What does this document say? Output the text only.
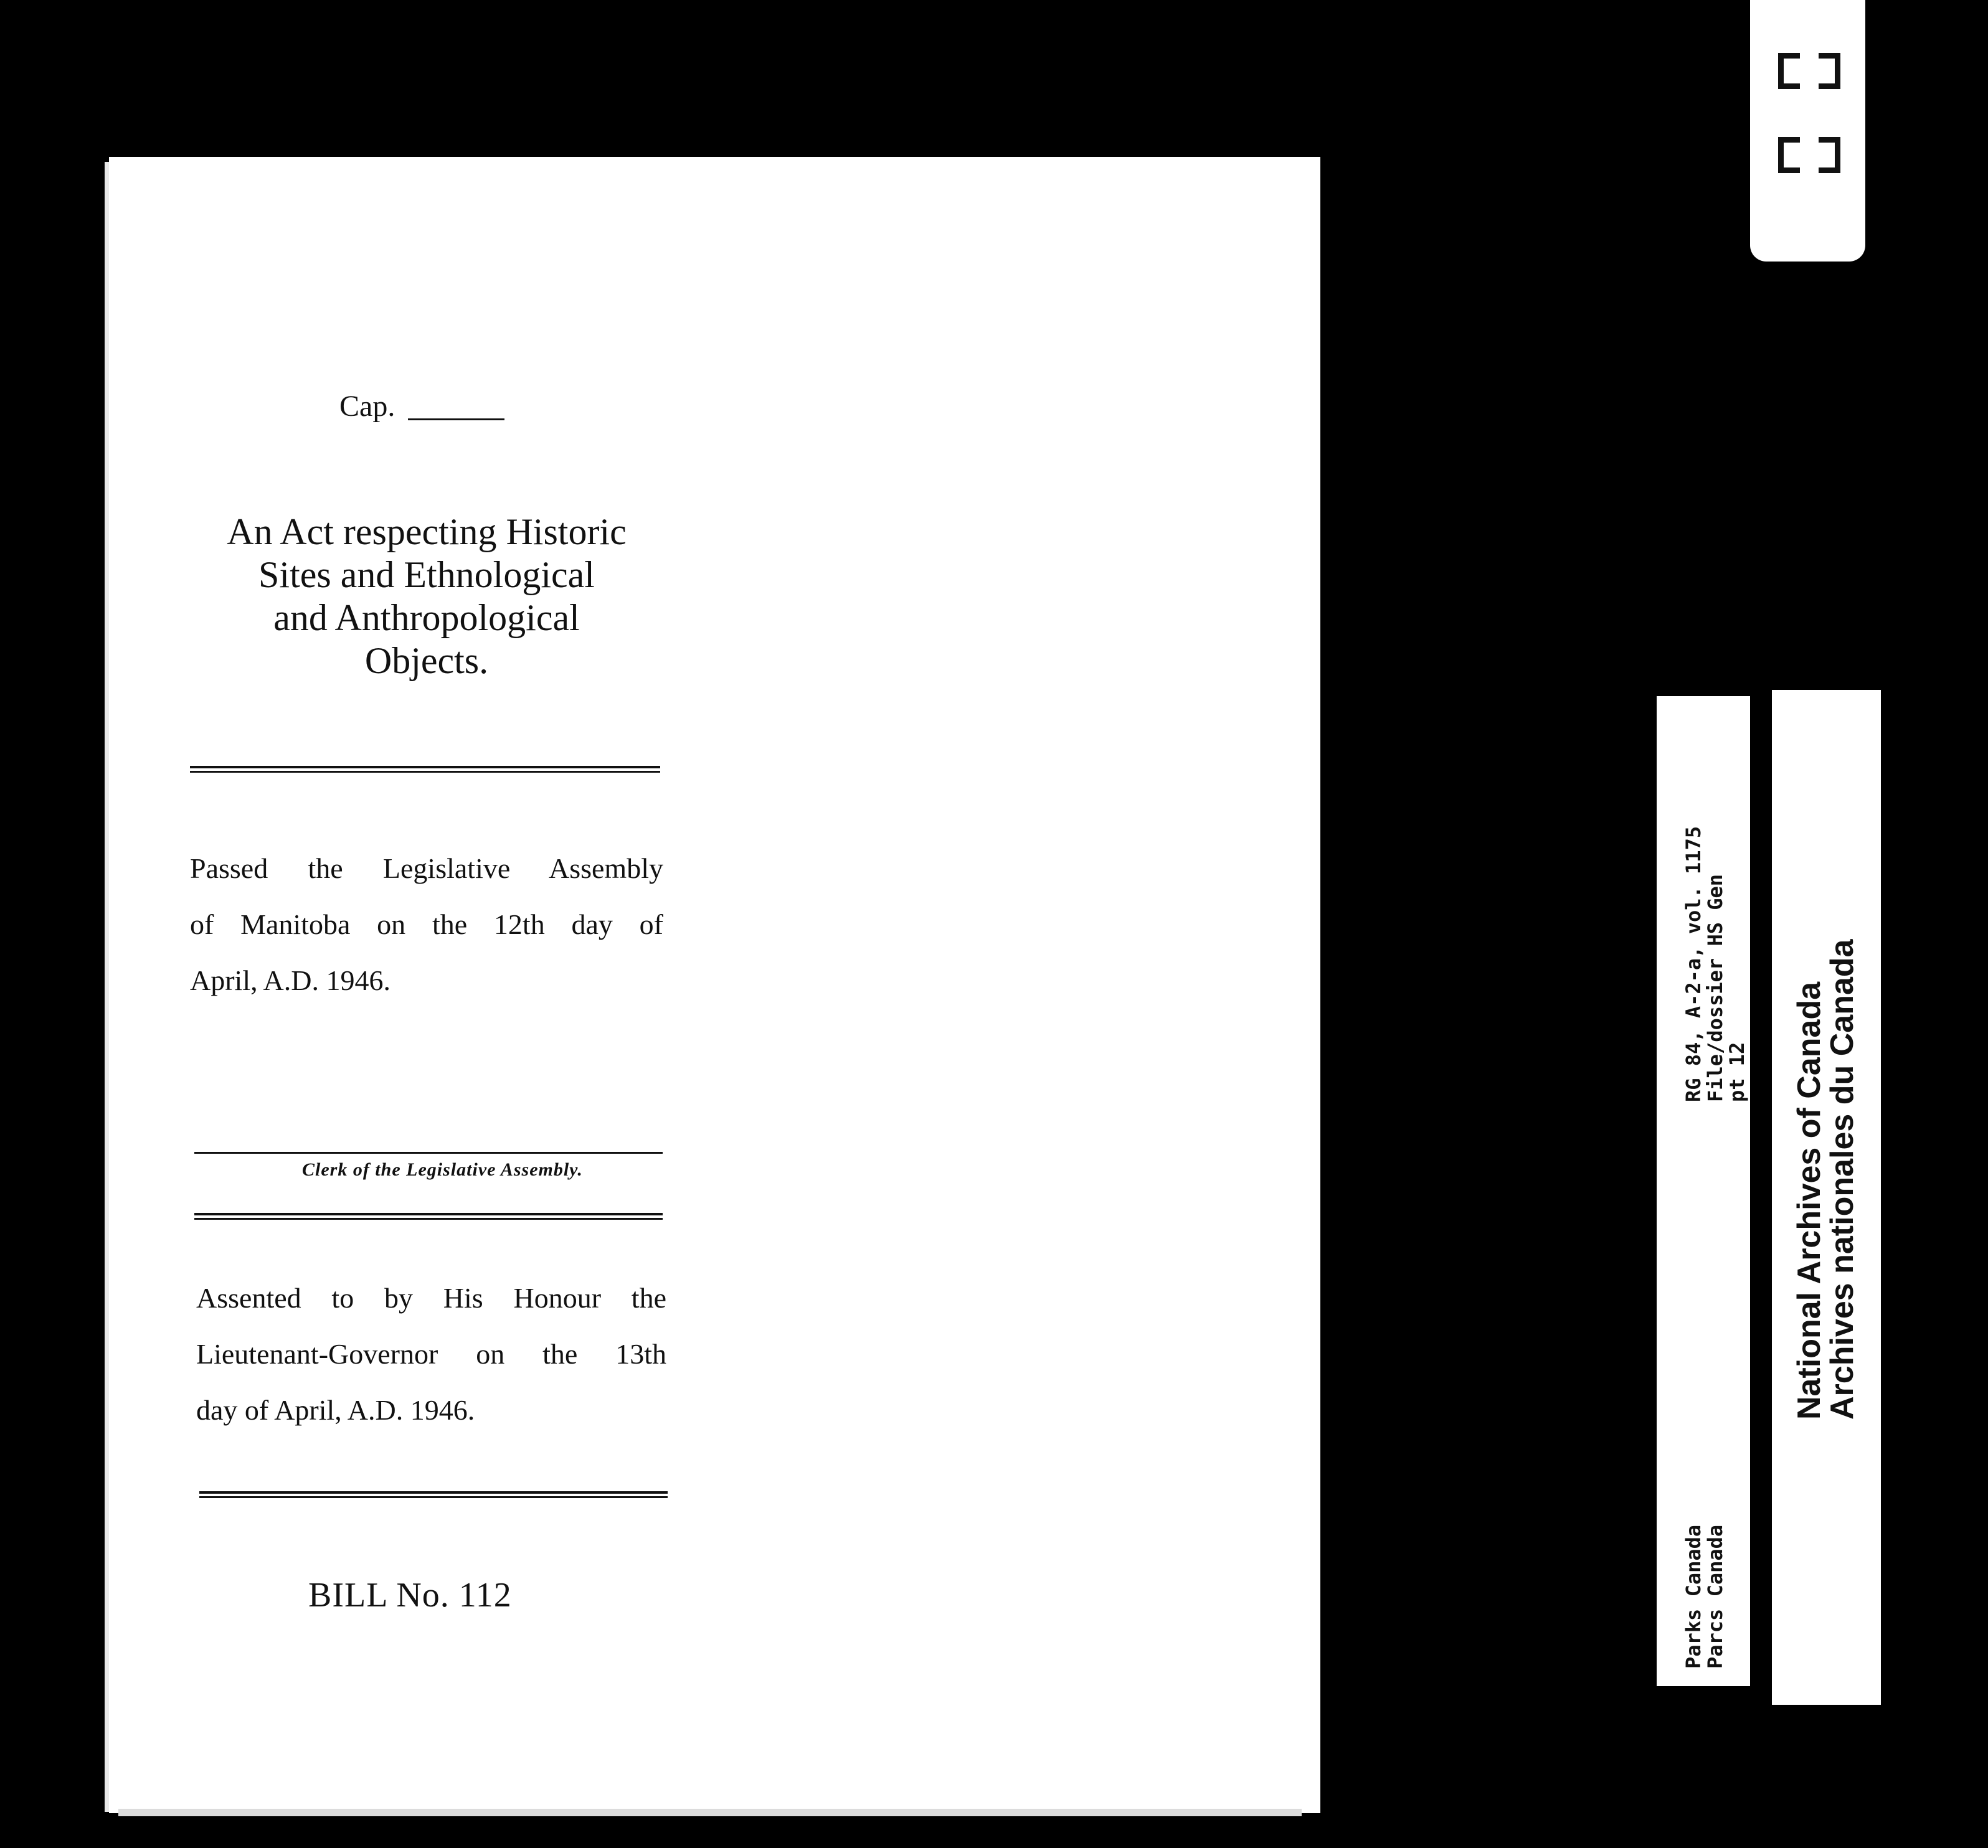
Cap.
An Act respecting Historic
Sites and Ethnological
and Anthropological
Objects.
Passed the Legislative Assembly
of Manitoba on the 12th day of
April, A.D. 1946.
Clerk of the Legislative Assembly.
Assented to by His Honour the
Lieutenant-Governor on the 13th
day of April, A.D. 1946.
BILL No. 112
RG 84, A-2-a, vol. 1175
File/dossier HS Gen
pt 12
Parks Canada
Parcs Canada
National Archives of Canada
Archives nationales du Canada
